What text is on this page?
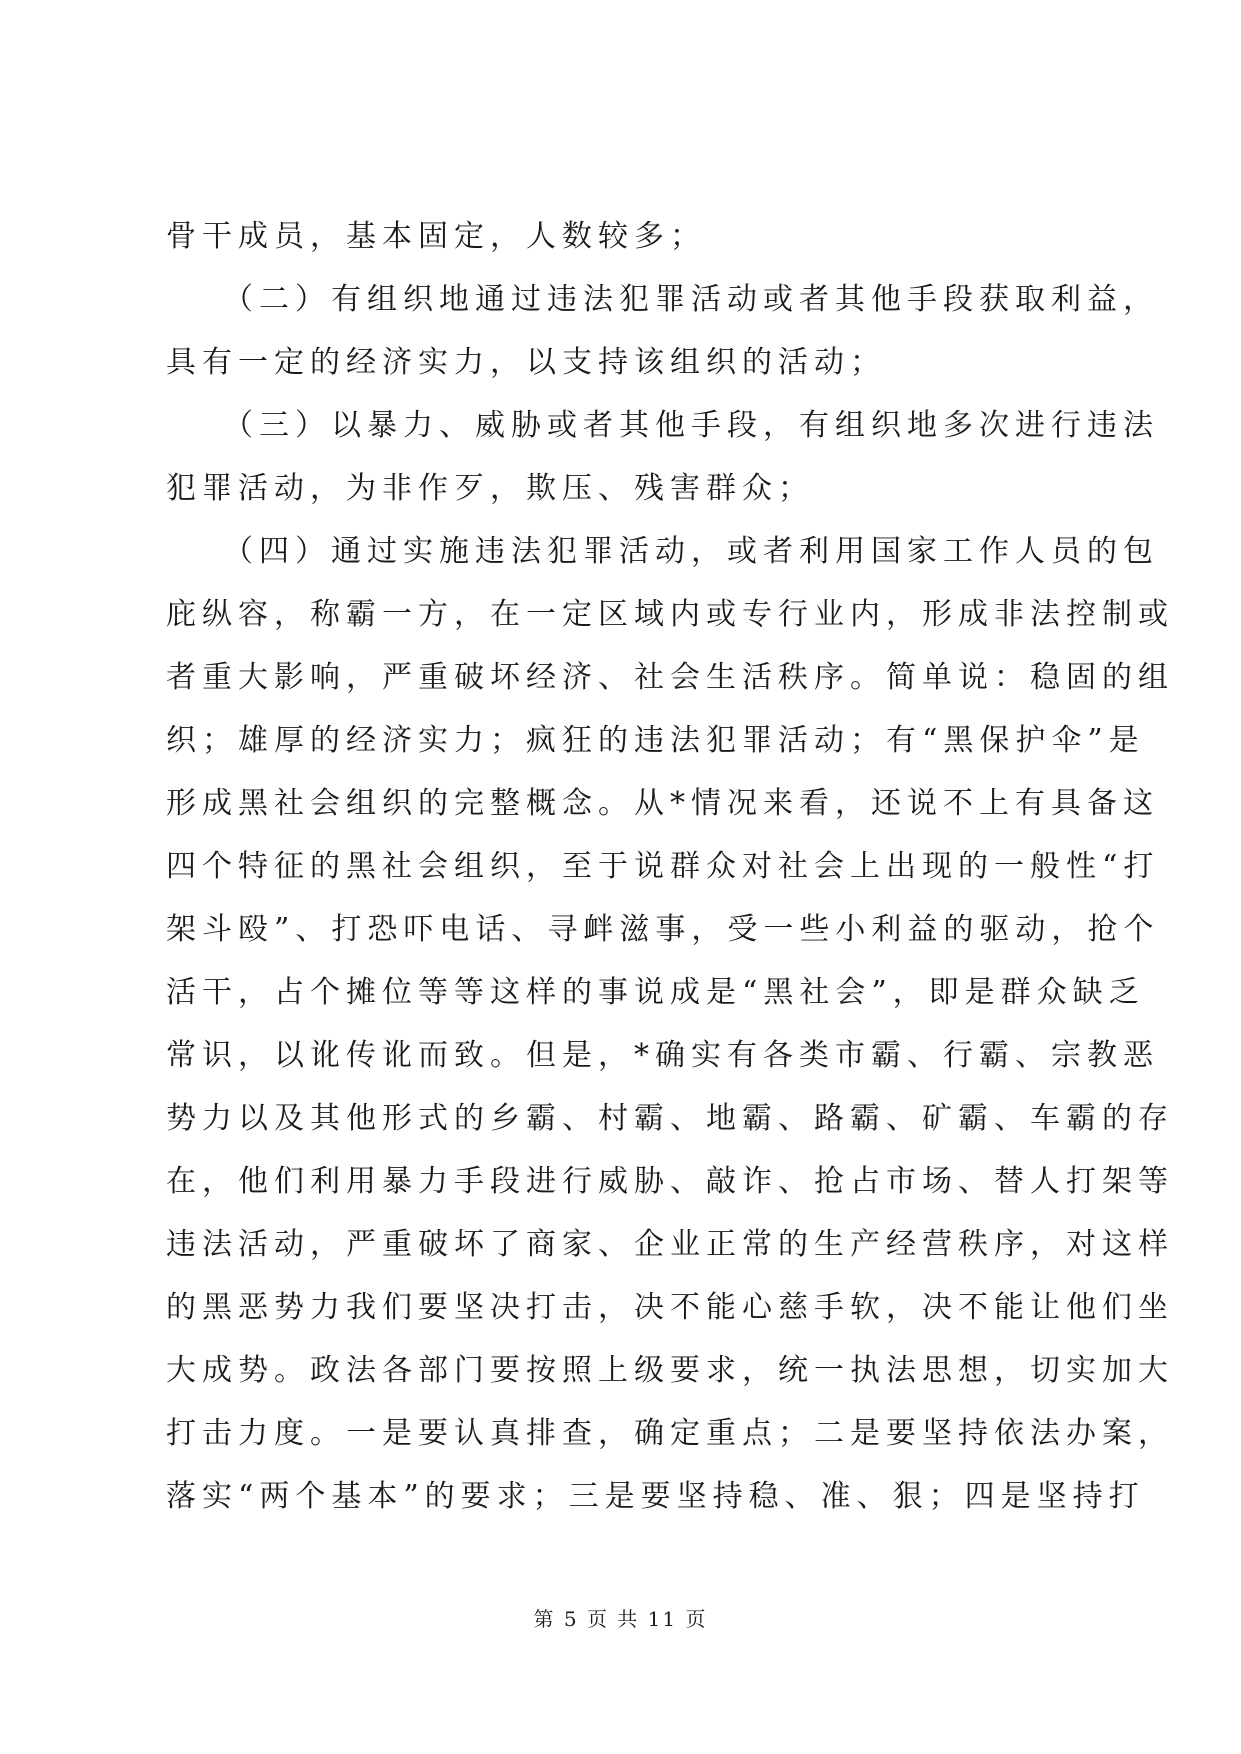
骨干成员，基本固定，人数较多；
　　（二）有组织地通过违法犯罪活动或者其他手段获取利益，
具有一定的经济实力，以支持该组织的活动；
　　（三）以暴力、威胁或者其他手段，有组织地多次进行违法
犯罪活动，为非作歹，欺压、残害群众；
　　（四）通过实施违法犯罪活动，或者利用国家工作人员的包
庇纵容，称霸一方，在一定区域内或专行业内，形成非法控制或
者重大影响，严重破坏经济、社会生活秩序。简单说：稳固的组
织；雄厚的经济实力；疯狂的违法犯罪活动；有“黑保护伞”是
形成黑社会组织的完整概念。从*情况来看，还说不上有具备这
四个特征的黑社会组织，至于说群众对社会上出现的一般性“打
架斗殴”、打恐吓电话、寻衅滋事，受一些小利益的驱动，抢个
活干，占个摊位等等这样的事说成是“黑社会”，即是群众缺乏
常识，以讹传讹而致。但是，*确实有各类市霸、行霸、宗教恶
势力以及其他形式的乡霸、村霸、地霸、路霸、矿霸、车霸的存
在，他们利用暴力手段进行威胁、敲诈、抢占市场、替人打架等
违法活动，严重破坏了商家、企业正常的生产经营秩序，对这样
的黑恶势力我们要坚决打击，决不能心慈手软，决不能让他们坐
大成势。政法各部门要按照上级要求，统一执法思想，切实加大
打击力度。一是要认真排查，确定重点；二是要坚持依法办案，
落实“两个基本”的要求；三是要坚持稳、准、狠；四是坚持打
第 5 页 共 11 页
